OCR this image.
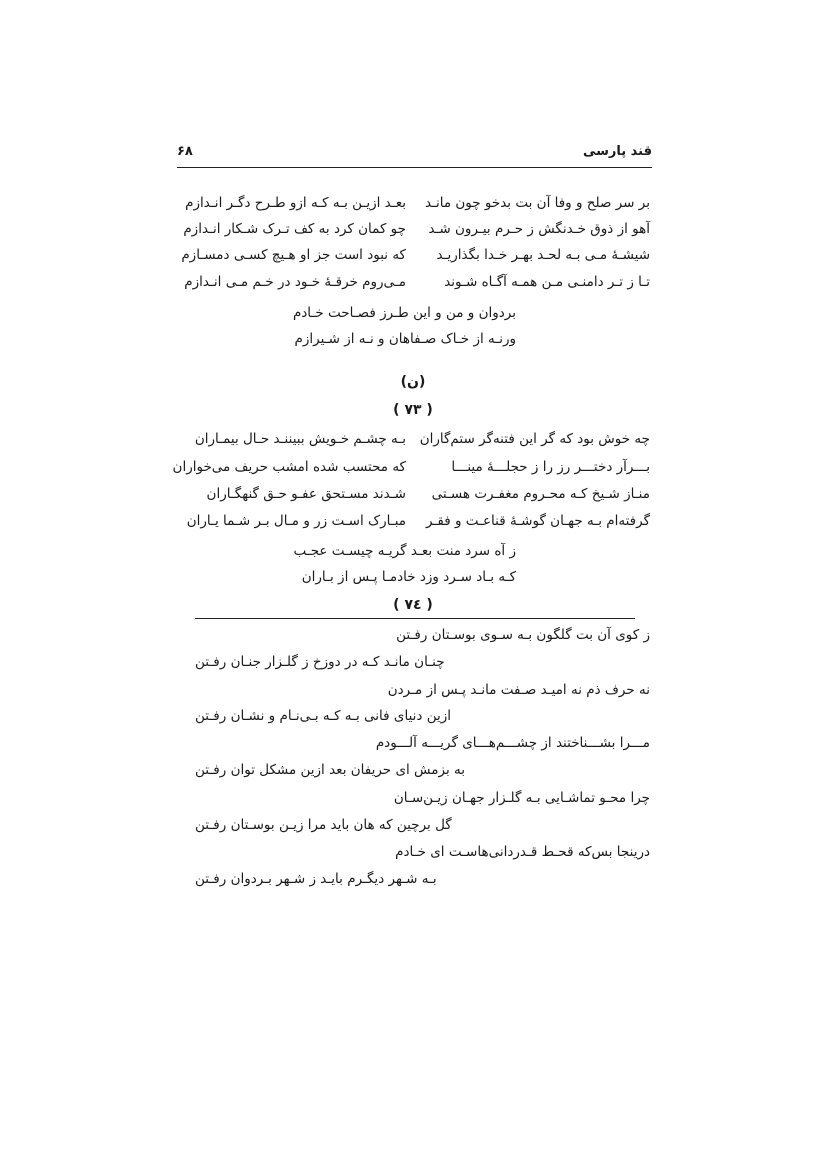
قند پارسی
۶۸
بر سر صلح و وفا آن بت بدخو چون مانـد
بعـد ازیـن بـه کـه ازو طـرح دگـر انـدازم
آهو از ذوق خـدنگش ز حـرم بیـرون شـد
چو کمان کرد به کف تـرک شـکار انـدازم
شیشـهٔ مـی بـه لحـد بهـر خـدا بگذاریـد
که نبود است جز او هـیچ کسـی دمسـازم
تـا ز تـر دامنـی مـن همـه آگـاه شـوند
مـی‌روم خرقـهٔ خـود در خـم مـی انـدازم
بردوان و من و این طـرز فصـاحت خـادم
ورنـه از خـاک صـفاهان و نـه از شـیرازم
(ن)
( ۷۳ )
چه خوش بود که گر این فتنه‌گر ستم‌گاران
بـه چشـم خـویش ببیننـد حـال بیمـاران
بـــرآر دختـــر رز را ز حجلـــهٔ مینـــا
که محتسب شده امشب حریف می‌خواران
منـاز شـیخ کـه محـروم مغفـرت هسـتی
شـدند مسـتحق عفـو حـق گنهگـاران
گرفتەام بـه جهـان گوشـهٔ قناعـت و فقـر
مبـارک اسـت زر و مـال بـر شـما یـاران
ز آه سرد منت بعـد گریـه چیسـت عجـب
کـه بـاد سـرد وزد خادمـا پـس از بـاران
( ۷٤ )
ز کوی آن بت گلگون بـه سـوی بوسـتان رفـتن
چنـان مانـد کـه در دوزخ ز گلـزار جنـان رفـتن
نه حرف ذم نه امیـد صـفت مانـد پـس از مـردن
ازین دنیای فانی بـه کـه بـی‌نـام و نشـان رفـتن
مـــرا بشـــناختند از چشـــم‌هـــای گریـــه آلـــودم
به بزمش ای حریفان بعد ازین مشکل توان رفـتن
چرا محـو تماشـایی بـه گلـزار جهـان زیـن‌سـان
گل برچین که هان باید مرا زیـن بوسـتان رفـتن
درینجا بس‌که قحـط قـدردانی‌هاسـت ای خـادم
بـه شـهر دیگـرم بایـد ز شـهر بـردوان رفـتن
